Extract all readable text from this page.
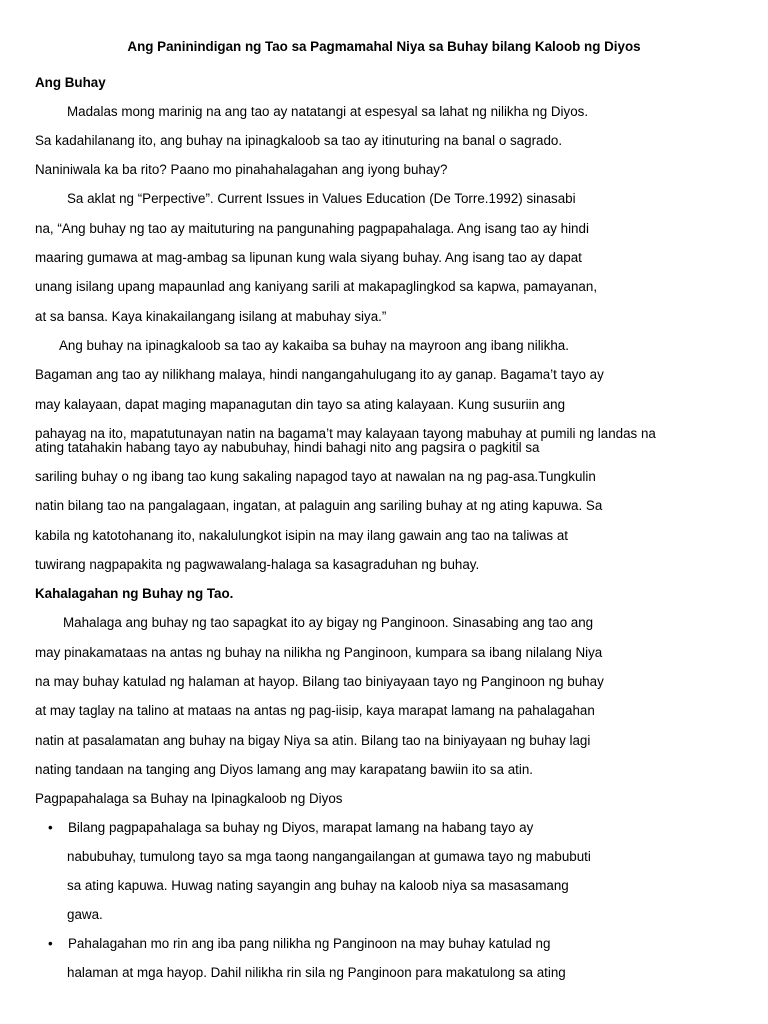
Ang Paninindigan ng Tao sa Pagmamahal Niya sa Buhay bilang Kaloob ng Diyos
Ang Buhay
Madalas mong marinig na ang tao ay natatangi at espesyal sa lahat ng nilikha ng Diyos.
Sa kadahilanang ito, ang buhay na ipinagkaloob sa tao ay itinuturing na banal o sagrado.
Naniniwala ka ba rito? Paano mo pinahahalagahan ang iyong buhay?
Sa aklat ng “Perpective”. Current Issues in Values Education (De Torre.1992) sinasabi
na, “Ang buhay ng tao ay maituturing na pangunahing pagpapahalaga. Ang isang tao ay hindi
maaring gumawa at mag-ambag sa lipunan kung wala siyang buhay. Ang isang tao ay dapat
unang isilang upang mapaunlad ang kaniyang sarili at makapaglingkod sa kapwa, pamayanan,
at sa bansa. Kaya kinakailangang isilang at mabuhay siya.”
Ang buhay na ipinagkaloob sa tao ay kakaiba sa buhay na mayroon ang ibang nilikha.
Bagaman ang tao ay nilikhang malaya, hindi nangangahulugang ito ay ganap. Bagama’t tayo ay
may kalayaan, dapat maging mapanagutan din tayo sa ating kalayaan. Kung susuriin ang
pahayag na ito, mapatutunayan natin na bagama’t may kalayaan tayong mabuhay at pumili ng landas na
ating tatahakin habang tayo ay nabubuhay, hindi bahagi nito ang pagsira o pagkitil sa
sariling buhay o ng ibang tao kung sakaling napagod tayo at nawalan na ng pag-asa.Tungkulin
natin bilang tao na pangalagaan, ingatan, at palaguin ang sariling buhay at ng ating kapuwa. Sa
kabila ng katotohanang ito, nakalulungkot isipin na may ilang gawain ang tao na taliwas at
tuwirang nagpapakita ng pagwawalang-halaga sa kasagraduhan ng buhay.
Kahalagahan ng Buhay ng Tao.
Mahalaga ang buhay ng tao sapagkat ito ay bigay ng Panginoon. Sinasabing ang tao ang
may pinakamataas na antas ng buhay na nilikha ng Panginoon, kumpara sa ibang nilalang Niya
na may buhay katulad ng halaman at hayop. Bilang tao biniyayaan tayo ng Panginoon ng buhay
at may taglay na talino at mataas na antas ng pag-iisip, kaya marapat lamang na pahalagahan
natin at pasalamatan ang buhay na bigay Niya sa atin. Bilang tao na biniyayaan ng buhay lagi
nating tandaan na tanging ang Diyos lamang ang may karapatang bawiin ito sa atin.
Pagpapahalaga sa Buhay na Ipinagkaloob ng Diyos
• Bilang pagpapahalaga sa buhay ng Diyos, marapat lamang na habang tayo ay
nabubuhay, tumulong tayo sa mga taong nangangailangan at gumawa tayo ng mabubuti
sa ating kapuwa. Huwag nating sayangin ang buhay na kaloob niya sa masasamang
gawa.
• Pahalagahan mo rin ang iba pang nilikha ng Panginoon na may buhay katulad ng
halaman at mga hayop. Dahil nilikha rin sila ng Panginoon para makatulong sa ating
